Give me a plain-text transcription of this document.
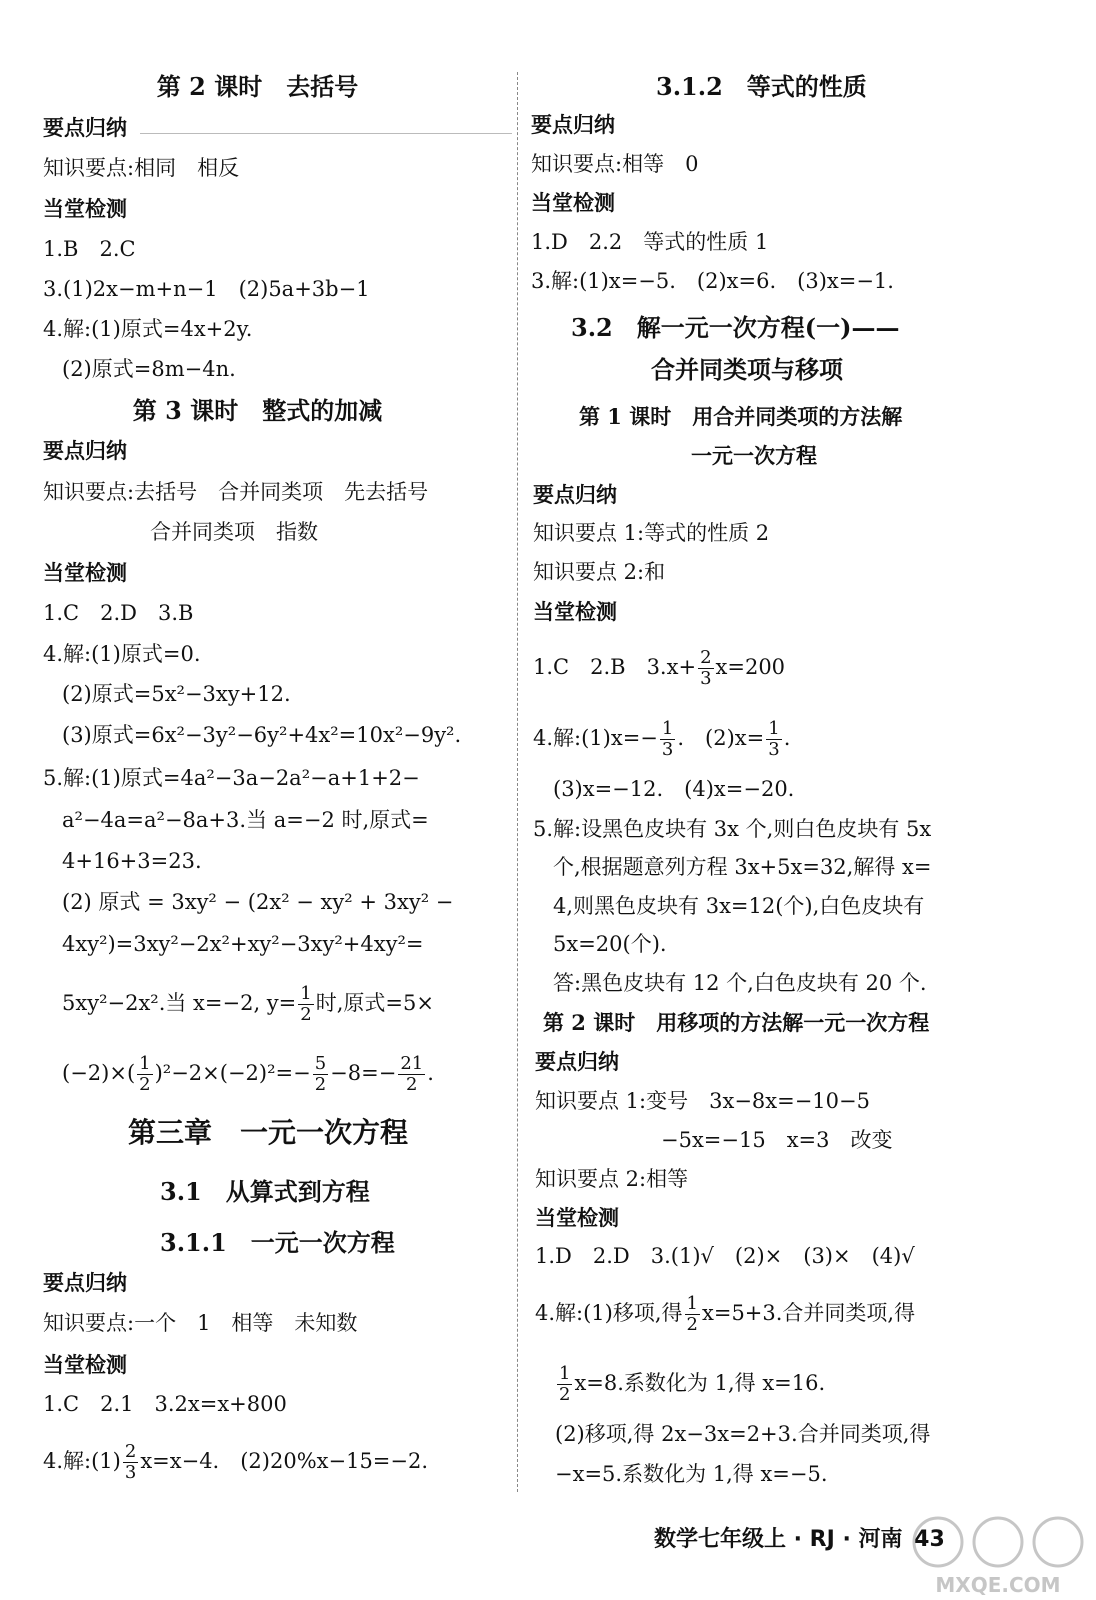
第 2 课时　去括号
要点归纳
知识要点:相同　相反
当堂检测
1.B　2.C
3.(1)2x−m+n−1　(2)5a+3b−1
4.解:(1)原式=4x+2y.
(2)原式=8m−4n.
第 3 课时　整式的加减
要点归纳
知识要点:去括号　合并同类项　先去括号
合并同类项　指数
当堂检测
1.C　2.D　3.B
4.解:(1)原式=0.
(2)原式=5x²−3xy+12.
(3)原式=6x²−3y²−6y²+4x²=10x²−9y².
5.解:(1)原式=4a²−3a−2a²−a+1+2−
a²−4a=a²−8a+3.当 a=−2 时,原式=
4+16+3=23.
(2) 原式 = 3xy² − (2x² − xy² + 3xy² −
4xy²)=3xy²−2x²+xy²−3xy²+4xy²=
5xy²−2x².当 x=−2, $y= \frac{1}{2}$ 时,原式=5×
$(-2)\times( \frac{1}{2} )^2-2\times(-2)^2=- \frac{5}{2} -8=- \frac{21}{2}$ .
第三章　一元一次方程
3.1　从算式到方程
3.1.1　一元一次方程
要点归纳
知识要点:一个　1　相等　未知数
当堂检测
1.C　2.1　3.2x=x+800
4.解:(1) $\frac{2}{3} x=x-4$.　(2)20%x−15=−2.
3.1.2　等式的性质
要点归纳
知识要点:相等　0
当堂检测
1.D　2.2　等式的性质 1
3.解:(1)x=−5.　(2)x=6.　(3)x=−1.
3.2　解一元一次方程(一)——
合并同类项与移项
第 1 课时　用合并同类项的方法解
一元一次方程
要点归纳
知识要点 1:等式的性质 2
知识要点 2:和
当堂检测
1.C　2.B　$3.x+ \frac{2}{3} x=200$
4.解:(1)x=− $\frac{1}{3}$ .　$(2)x= \frac{1}{3}$ .
(3)x=−12.　(4)x=−20.
5.解:设黑色皮块有 3x 个,则白色皮块有 5x
个,根据题意列方程 3x+5x=32,解得 x=
4,则黑色皮块有 3x=12(个),白色皮块有
5x=20(个).
答:黑色皮块有 12 个,白色皮块有 20 个.
第 2 课时　用移项的方法解一元一次方程
要点归纳
知识要点 1:变号　3x−8x=−10−5
−5x=−15　x=3　改变
知识要点 2:相等
当堂检测
1.D　2.D　3.(1)√　(2)×　(3)×　(4)√
4.解:(1)移项,得 $\frac{1}{2} x=5+3$.合并同类项,得
$\frac{1}{2} x=8$.系数化为 1,得 x=16.
(2)移项,得 2x−3x=2+3.合并同类项,得
−x=5.系数化为 1,得 x=−5.
数学七年级上 · RJ · 河南 43
MXQE.COM
